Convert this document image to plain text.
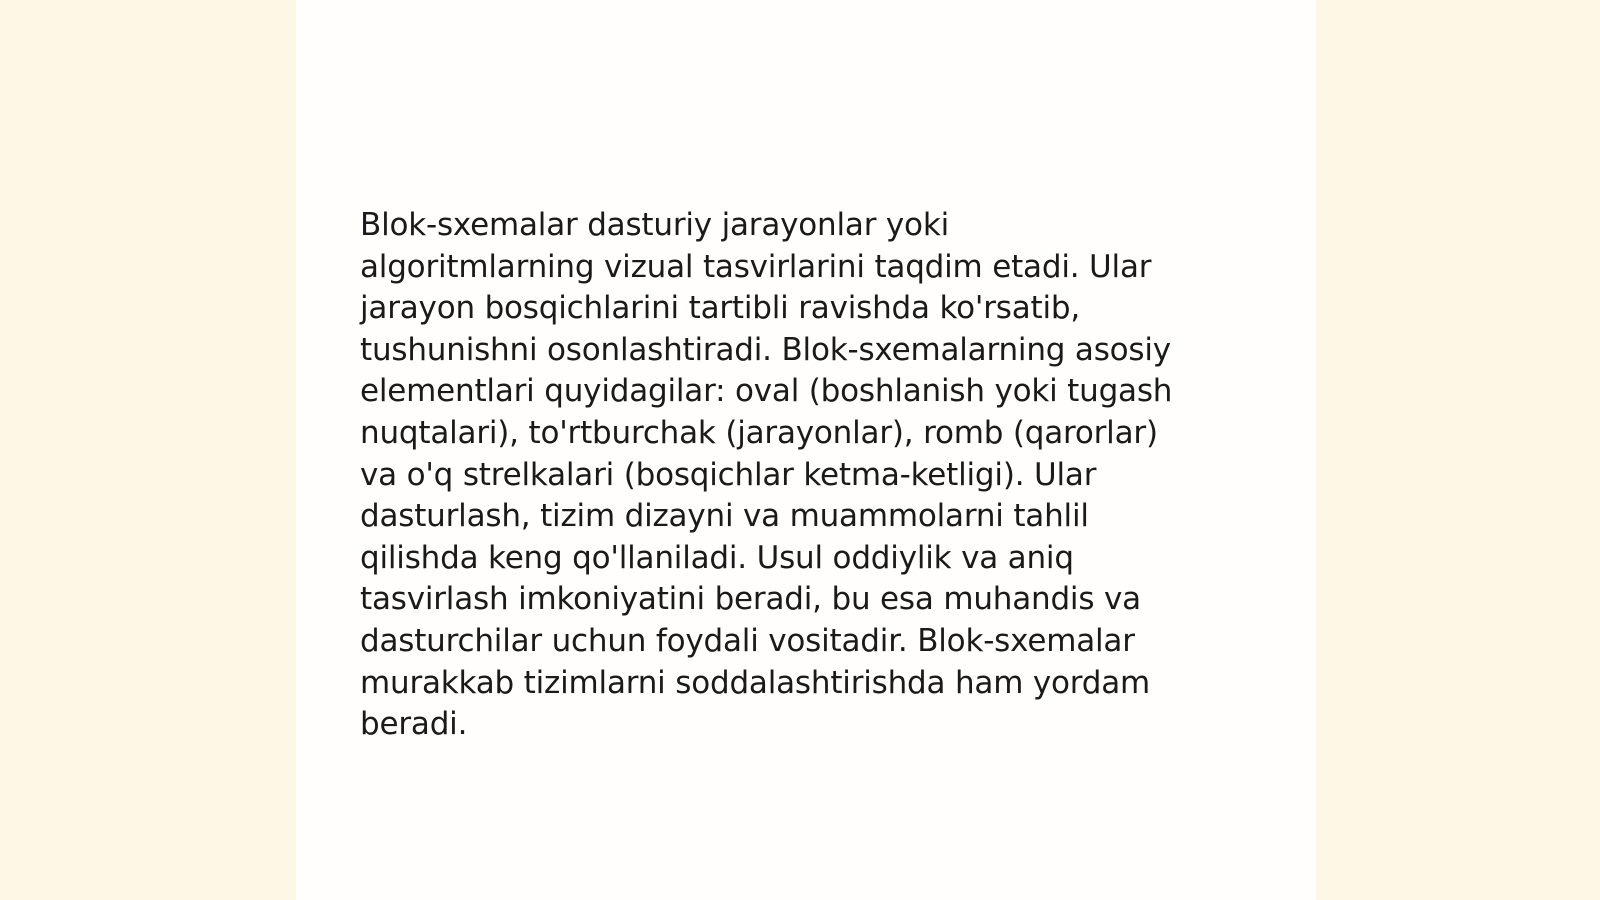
Blok-sxemalar dasturiy jarayonlar yoki
algoritmlarning vizual tasvirlarini taqdim etadi. Ular
jarayon bosqichlarini tartibli ravishda ko'rsatib,
tushunishni osonlashtiradi. Blok-sxemalarning asosiy
elementlari quyidagilar: oval (boshlanish yoki tugash
nuqtalari), to'rtburchak (jarayonlar), romb (qarorlar)
va o'q strelkalari (bosqichlar ketma-ketligi). Ular
dasturlash, tizim dizayni va muammolarni tahlil
qilishda keng qo'llaniladi. Usul oddiylik va aniq
tasvirlash imkoniyatini beradi, bu esa muhandis va
dasturchilar uchun foydali vositadir. Blok-sxemalar
murakkab tizimlarni soddalashtirishda ham yordam
beradi.
